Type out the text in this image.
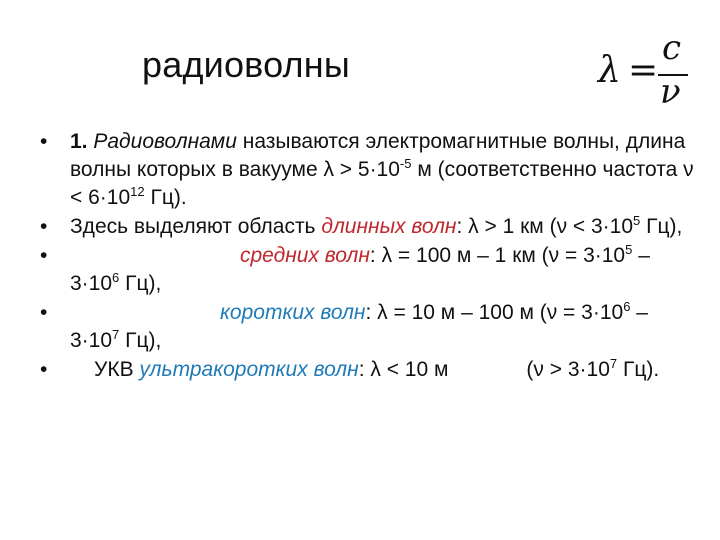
радиоволны	λ =
c
ν
• 1. Радиоволнами называются электромагнитные волны, длина волны которых в вакууме $\lambda > 5\cdot 10^{-5}$ м (соответственно частота $\nu < 6\cdot 10^{12}$ Гц).
• Здесь выделяют область длинных волн: λ > 1 км ($\nu < 3\cdot 10^5$ Гц),
• средних волн: λ = 100 м – 1 км ($\nu = 3\cdot 10^5 - 3\cdot 10^6$ Гц),
• коротких волн: λ = 10 м – 100 м ($\nu = 3\cdot 10^6 - 3\cdot 10^7$ Гц),
• УКВ ультракоротких волн: λ < 10 м	($\nu > 3\cdot 10^7$ Гц).
